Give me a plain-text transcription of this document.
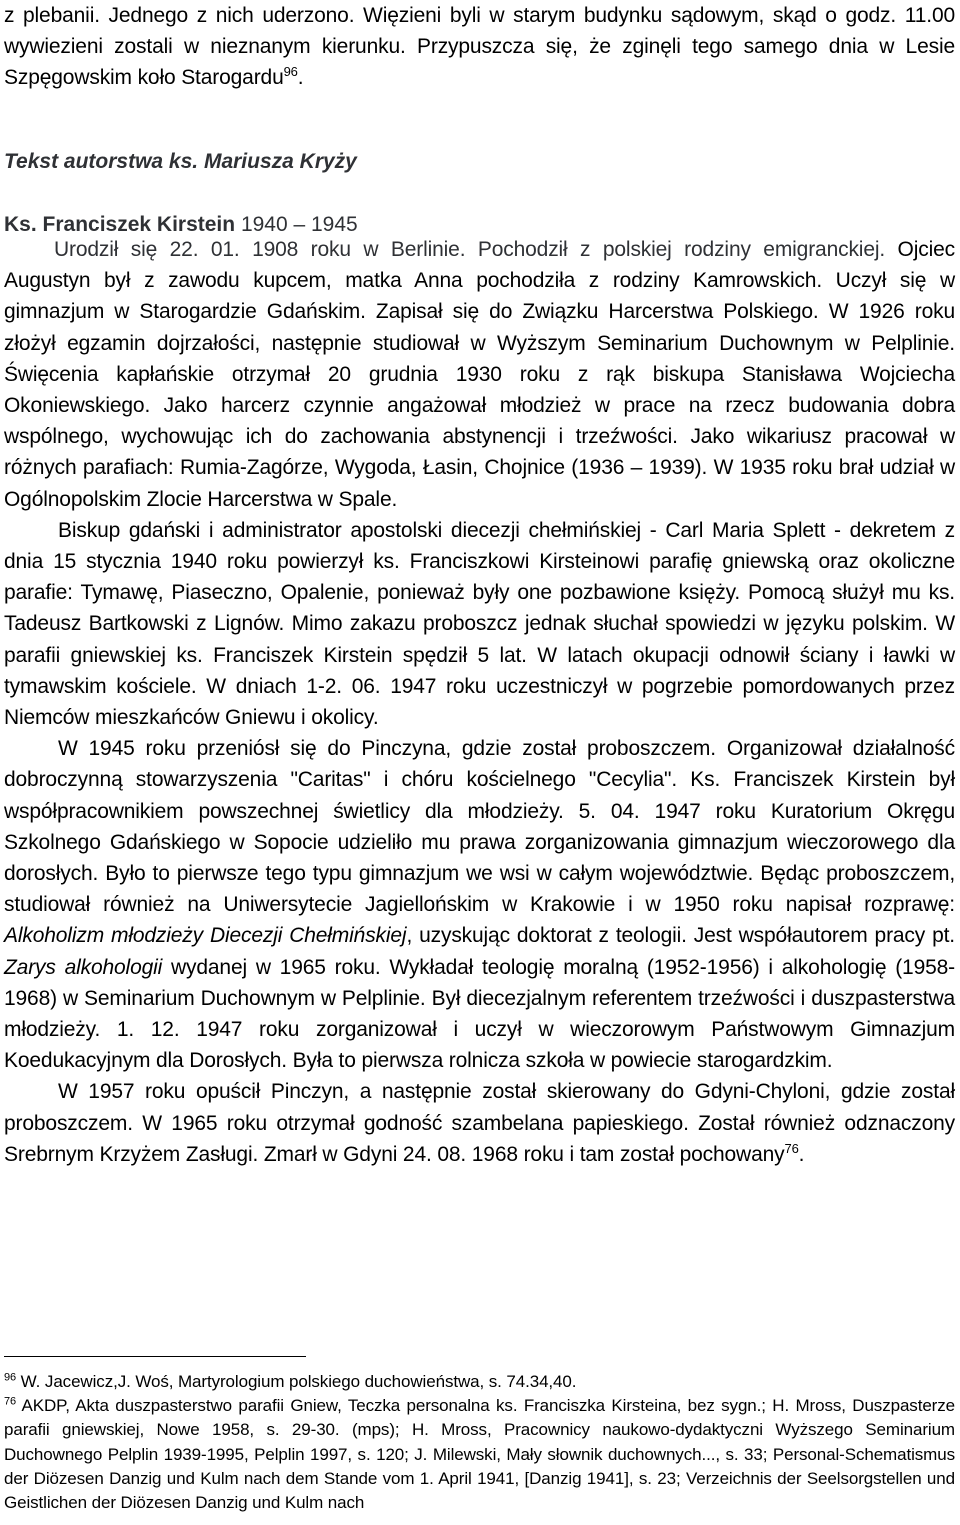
z plebanii. Jednego z nich uderzono. Więzieni byli w starym budynku sądowym, skąd o godz. 11.00 wywiezieni zostali w nieznanym kierunku. Przypuszcza się, że zginęli tego samego dnia w Lesie Szpęgowskim koło Starogardu$^{96}$.

Tekst autorstwa ks. Mariusza Kryży

Ks. Franciszek Kirstein 1940 – 1945

Urodził się 22. 01. 1908 roku w Berlinie. Pochodził z polskiej rodziny emigranckiej. Ojciec Augustyn był z zawodu kupcem, matka Anna pochodziła z rodziny Kamrowskich. Uczył się w gimnazjum w Starogardzie Gdańskim. Zapisał się do Związku Harcerstwa Polskiego. W 1926 roku złożył egzamin dojrzałości, następnie studiował w Wyższym Seminarium Duchownym w Pelplinie. Święcenia kapłańskie otrzymał 20 grudnia 1930 roku z rąk biskupa Stanisława Wojciecha Okoniewskiego. Jako harcerz czynnie angażował młodzież w prace na rzecz budowania dobra wspólnego, wychowując ich do zachowania abstynencji i trzeźwości. Jako wikariusz pracował w różnych parafiach: Rumia-Zagórze, Wygoda, Łasin, Chojnice (1936 – 1939). W 1935 roku brał udział w Ogólnopolskim Zlocie Harcerstwa w Spale.

Biskup gdański i administrator apostolski diecezji chełmińskiej - Carl Maria Splett - dekretem z dnia 15 stycznia 1940 roku powierzył ks. Franciszkowi Kirsteinowi parafię gniewską oraz okoliczne parafie: Tymawę, Piaseczno, Opalenie, ponieważ były one pozbawione księży. Pomocą służył mu ks. Tadeusz Bartkowski z Lignów. Mimo zakazu proboszcz jednak słuchał spowiedzi w języku polskim. W parafii gniewskiej ks. Franciszek Kirstein spędził 5 lat. W latach okupacji odnowił ściany i ławki w tymawskim kościele. W dniach 1-2. 06. 1947 roku uczestniczył w pogrzebie pomordowanych przez Niemców mieszkańców Gniewu i okolicy.

W 1945 roku przeniósł się do Pinczyna, gdzie został proboszczem. Organizował działalność dobroczynną stowarzyszenia "Caritas" i chóru kościelnego "Cecylia". Ks. Franciszek Kirstein był współpracownikiem powszechnej świetlicy dla młodzieży. 5. 04. 1947 roku Kuratorium Okręgu Szkolnego Gdańskiego w Sopocie udzieliło mu prawa zorganizowania gimnazjum wieczorowego dla dorosłych. Było to pierwsze tego typu gimnazjum we wsi w całym województwie. Będąc proboszczem, studiował również na Uniwersytecie Jagiellońskim w Krakowie i w 1950 roku napisał rozprawę: Alkoholizm młodzieży Diecezji Chełmińskiej, uzyskując doktorat z teologii. Jest współautorem pracy pt. Zarys alkohologii wydanej w 1965 roku. Wykładał teologię moralną (1952-1956) i alkohologię (1958-1968) w Seminarium Duchownym w Pelplinie. Był diecezjalnym referentem trzeźwości i duszpasterstwa młodzieży. 1. 12. 1947 roku zorganizował i uczył w wieczorowym Państwowym Gimnazjum Koedukacyjnym dla Dorosłych. Była to pierwsza rolnicza szkoła w powiecie starogardzkim.

W 1957 roku opuścił Pinczyn, a następnie został skierowany do Gdyni-Chyloni, gdzie został proboszczem. W 1965 roku otrzymał godność szambelana papieskiego. Został również odznaczony Srebrnym Krzyżem Zasługi. Zmarł w Gdyni 24. 08. 1968 roku i tam został pochowany$^{76}$.

$^{96}$ W. Jacewicz,J. Woś, Martyrologium polskiego duchowieństwa, s. 74.34,40.

$^{76}$ AKDP, Akta duszpasterstwo parafii Gniew, Teczka personalna ks. Franciszka Kirsteina, bez sygn.; H. Mross, Duszpasterze parafii gniewskiej, Nowe 1958, s. 29-30. (mps); H. Mross, Pracownicy naukowo-dydaktyczni Wyższego Seminarium Duchownego Pelplin 1939-1995, Pelplin 1997, s. 120; J. Milewski, Mały słownik duchownych..., s. 33; Personal-Schematismus der Diözesen Danzig und Kulm nach dem Stande vom 1. April 1941, [Danzig 1941], s. 23; Verzeichnis der Seelsorgstellen und Geistlichen der Diözesen Danzig und Kulm nach
